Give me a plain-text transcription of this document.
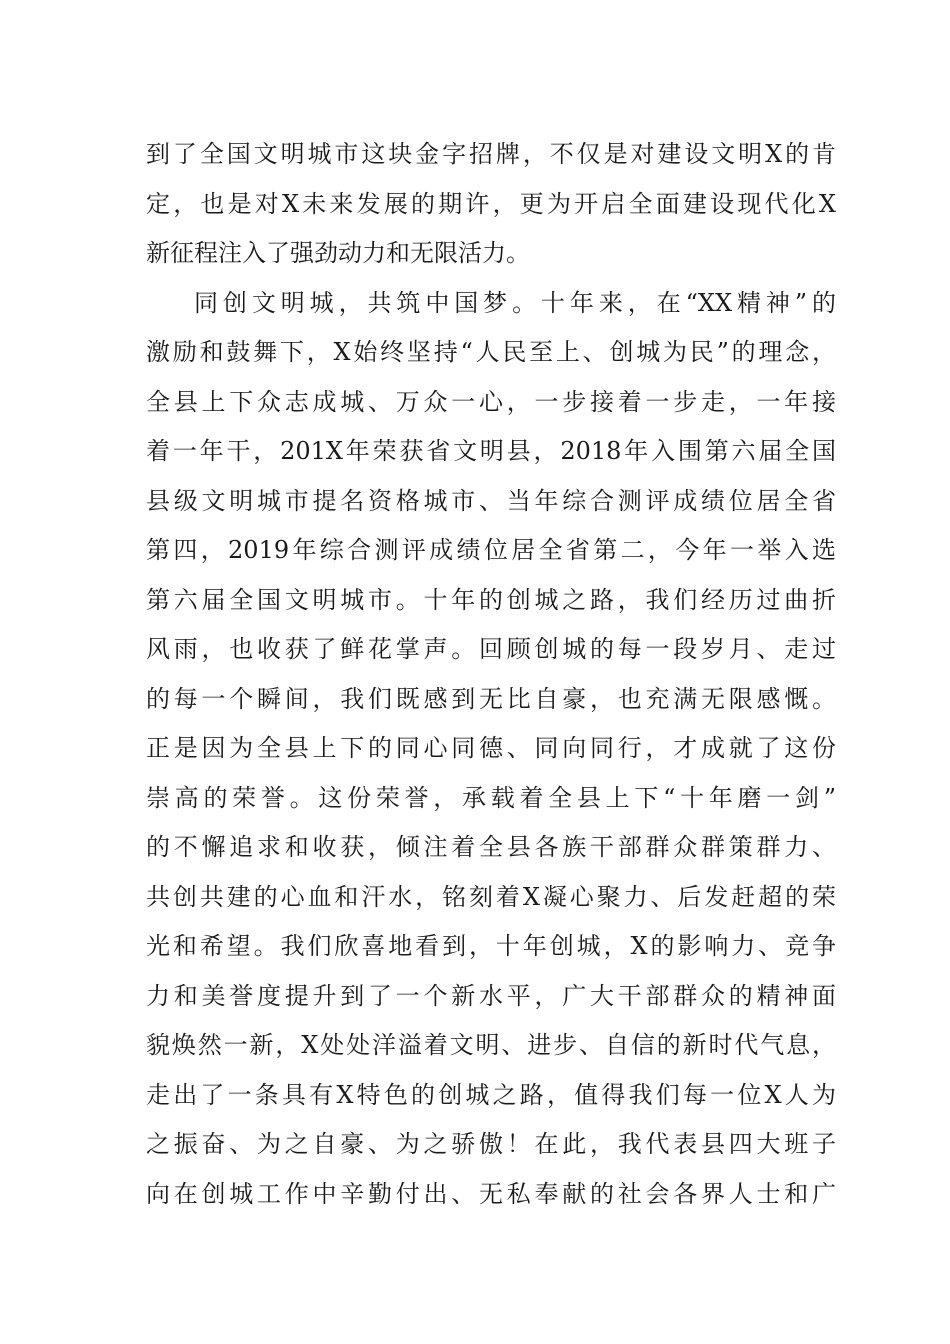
到了全国文明城市这块金字招牌，不仅是对建设文明X的肯
定，也是对X未来发展的期许，更为开启全面建设现代化X
新征程注入了强劲动力和无限活力。
同创文明城，共筑中国梦。十年来，在“XX精神”的
激励和鼓舞下，X始终坚持“人民至上、创城为民”的理念，
全县上下众志成城、万众一心，一步接着一步走，一年接
着一年干，201X年荣获省文明县，2018年入围第六届全国
县级文明城市提名资格城市、当年综合测评成绩位居全省
第四，2019年综合测评成绩位居全省第二，今年一举入选
第六届全国文明城市。十年的创城之路，我们经历过曲折
风雨，也收获了鲜花掌声。回顾创城的每一段岁月、走过
的每一个瞬间，我们既感到无比自豪，也充满无限感慨。
正是因为全县上下的同心同德、同向同行，才成就了这份
崇高的荣誉。这份荣誉，承载着全县上下“十年磨一剑”
的不懈追求和收获，倾注着全县各族干部群众群策群力、
共创共建的心血和汗水，铭刻着X凝心聚力、后发赶超的荣
光和希望。我们欣喜地看到，十年创城，X的影响力、竞争
力和美誉度提升到了一个新水平，广大干部群众的精神面
貌焕然一新，X处处洋溢着文明、进步、自信的新时代气息，
走出了一条具有X特色的创城之路，值得我们每一位X人为
之振奋、为之自豪、为之骄傲！在此，我代表县四大班子
向在创城工作中辛勤付出、无私奉献的社会各界人士和广
